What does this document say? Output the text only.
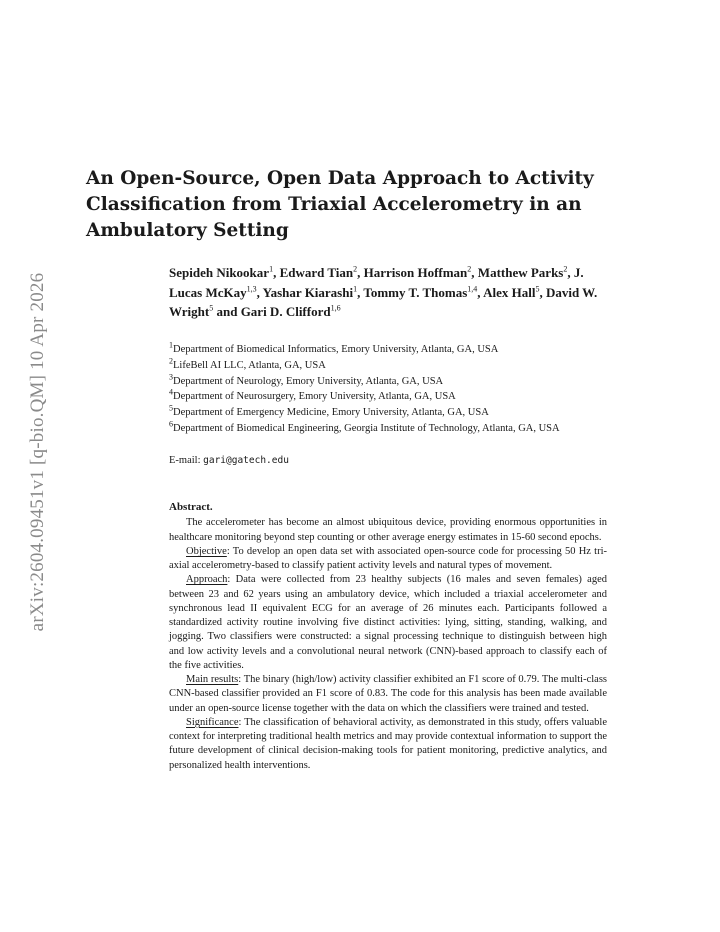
arXiv:2604.09451v1 [q-bio.QM] 10 Apr 2026
An Open-Source, Open Data Approach to Activity Classification from Triaxial Accelerometry in an Ambulatory Setting

Sepideh Nikookar$^1$, Edward Tian$^2$, Harrison Hoffman$^2$, Matthew Parks$^2$, J. Lucas McKay$^{1,3}$, Yashar Kiarashi$^1$, Tommy T. Thomas$^{1,4}$, Alex Hall$^5$, David W. Wright$^5$ and Gari D. Clifford$^{1,6}$

$^1$Department of Biomedical Informatics, Emory University, Atlanta, GA, USA
$^2$LifeBell AI LLC, Atlanta, GA, USA
$^3$Department of Neurology, Emory University, Atlanta, GA, USA
$^4$Department of Neurosurgery, Emory University, Atlanta, GA, USA
$^5$Department of Emergency Medicine, Emory University, Atlanta, GA, USA
$^6$Department of Biomedical Engineering, Georgia Institute of Technology, Atlanta, GA, USA
E-mail: gari@gatech.edu
Abstract.

The accelerometer has become an almost ubiquitous device, providing enormous opportunities in healthcare monitoring beyond step counting or other average energy estimates in 15-60 second epochs.

Objective: To develop an open data set with associated open-source code for processing 50 Hz tri-axial accelerometry-based to classify patient activity levels and natural types of movement.

Approach: Data were collected from 23 healthy subjects (16 males and seven females) aged between 23 and 62 years using an ambulatory device, which included a triaxial accelerometer and synchronous lead II equivalent ECG for an average of 26 minutes each. Participants followed a standardized activity routine involving five distinct activities: lying, sitting, standing, walking, and jogging. Two classifiers were constructed: a signal processing technique to distinguish between high and low activity levels and a convolutional neural network (CNN)-based approach to classify each of the five activities.

Main results: The binary (high/low) activity classifier exhibited an F1 score of 0.79. The multi-class CNN-based classifier provided an F1 score of 0.83. The code for this analysis has been made available under an open-source license together with the data on which the classifiers were trained and tested.

Significance: The classification of behavioral activity, as demonstrated in this study, offers valuable context for interpreting traditional health metrics and may provide contextual information to support the future development of clinical decision-making tools for patient monitoring, predictive analytics, and personalized health interventions.
